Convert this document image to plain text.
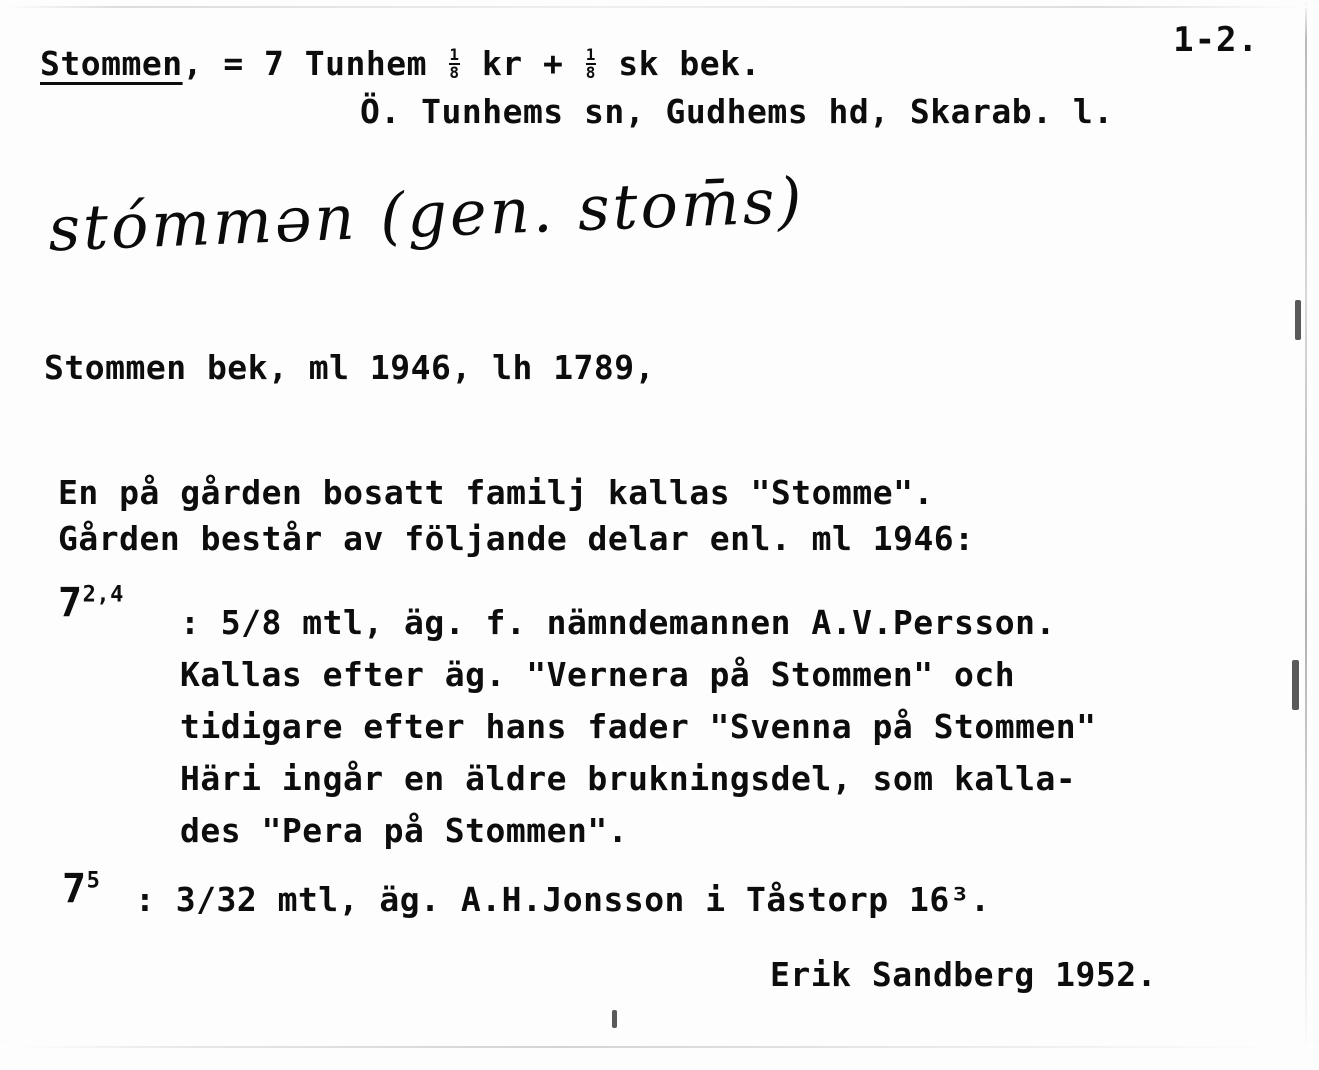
1-2.
Stommen, = 7 Tunhem $\frac{1}{8}$ kr + $\frac{1}{8}$ sk bek.
Ö. Tunhems sn, Gudhems hd, Skarab. l.
stómmən (gen. stom̄s)
Stommen bek, ml 1946, lh 1789,
En på gården bosatt familj kallas "Stomme".
Gården består av följande delar enl. ml 1946:
7$^{2,4}$
: 5/8 mtl, äg. f. nämndemannen A.V.Persson.
Kallas efter äg. "Vernera på Stommen" och
tidigare efter hans fader "Svenna på Stommen"
Häri ingår en äldre brukningsdel, som kalla-
des "Pera på Stommen".
$7^5$ : 3/32 mtl, äg. A.H.Jonsson i Tåstorp 16³.
Erik Sandberg 1952.
